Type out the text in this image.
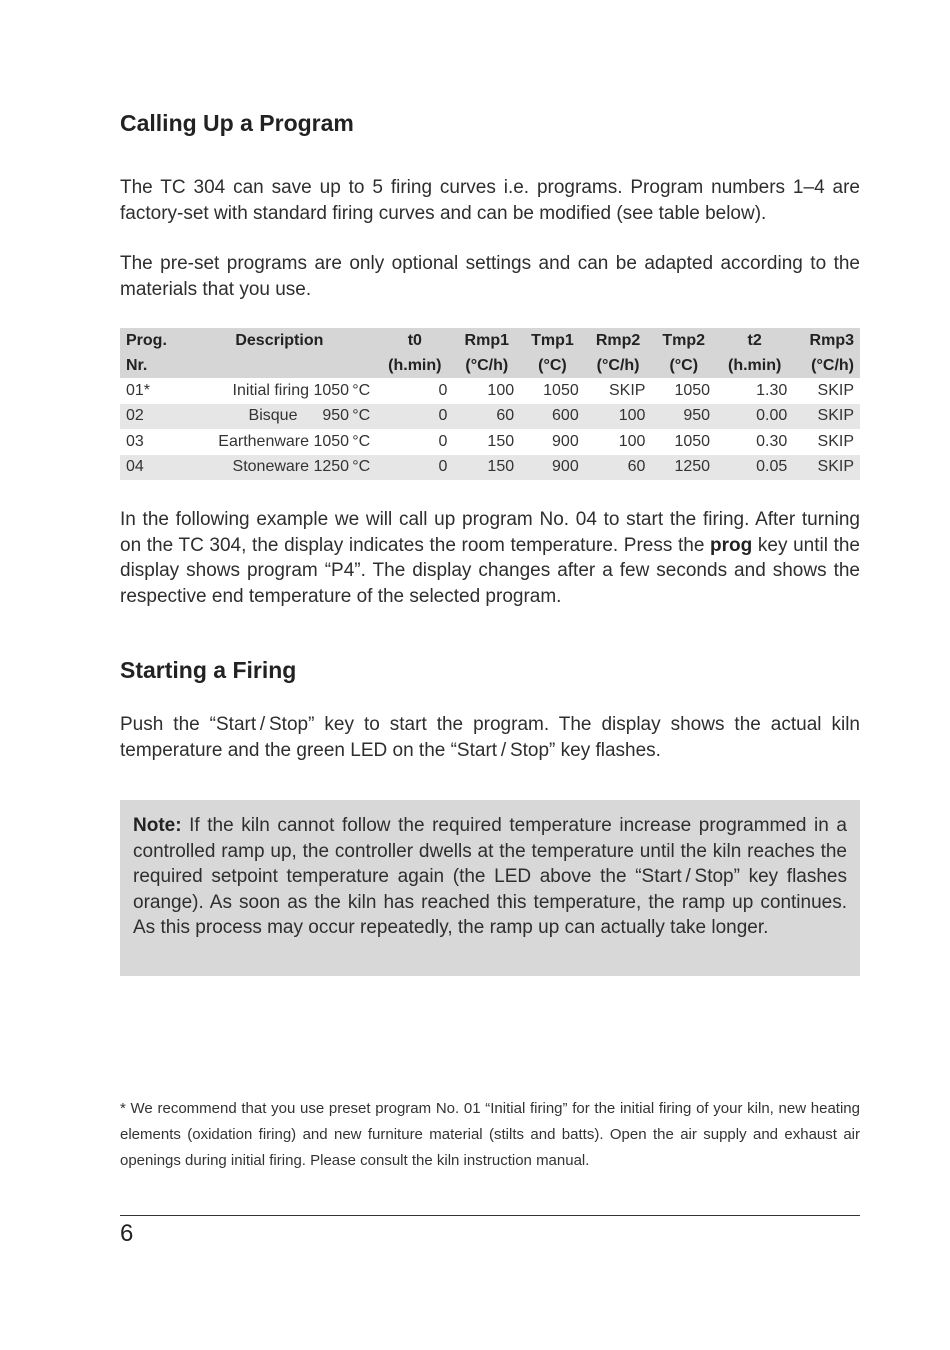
Calling Up a Program

The TC 304 can save up to 5 firing curves i.e. programs. Program numbers 1–4 are factory-set with standard firing curves and can be modified (see table below).

The pre-set programs are only optional settings and can be adapted according to the materials that you use.

Prog.	Description	t0	Rmp1	Tmp1	Rmp2	Tmp2	t2	Rmp3
Nr.		(h.min)	(°C/h)	(°C)	(°C/h)	(°C)	(h.min)	(°C/h)
01*	Initial firing 1050 °C	0	100	1050	SKIP	1050	1.30	SKIP
02	Bisque   950 °C	0	60	600	100	950	0.00	SKIP
03	Earthenware 1050 °C	0	150	900	100	1050	0.30	SKIP
04	Stoneware 1250 °C	0	150	900	60	1250	0.05	SKIP

In the following example we will call up program No. 04 to start the firing. After turning on the TC 304, the display indicates the room temperature. Press the prog key until the display shows program “P4”. The display changes after a few seconds and shows the respective end temperature of the selected program.

Starting a Firing

Push the “Start / Stop” key to start the program. The display shows the actual kiln temperature and the green LED on the “Start / Stop” key flashes.

Note: If the kiln cannot follow the required temperature increase programmed in a controlled ramp up, the controller dwells at the temperature until the kiln reaches the required setpoint temperature again (the LED above the “Start / Stop” key flashes orange). As soon as the kiln has reached this temperature, the ramp up continues. As this process may occur repeatedly, the ramp up can actually take longer.

* We recommend that you use preset program No. 01 “Initial firing” for the initial firing of your kiln, new heating elements (oxidation firing) and new furniture material (stilts and batts). Open the air supply and exhaust air openings during initial firing. Please consult the kiln instruction manual.

6
